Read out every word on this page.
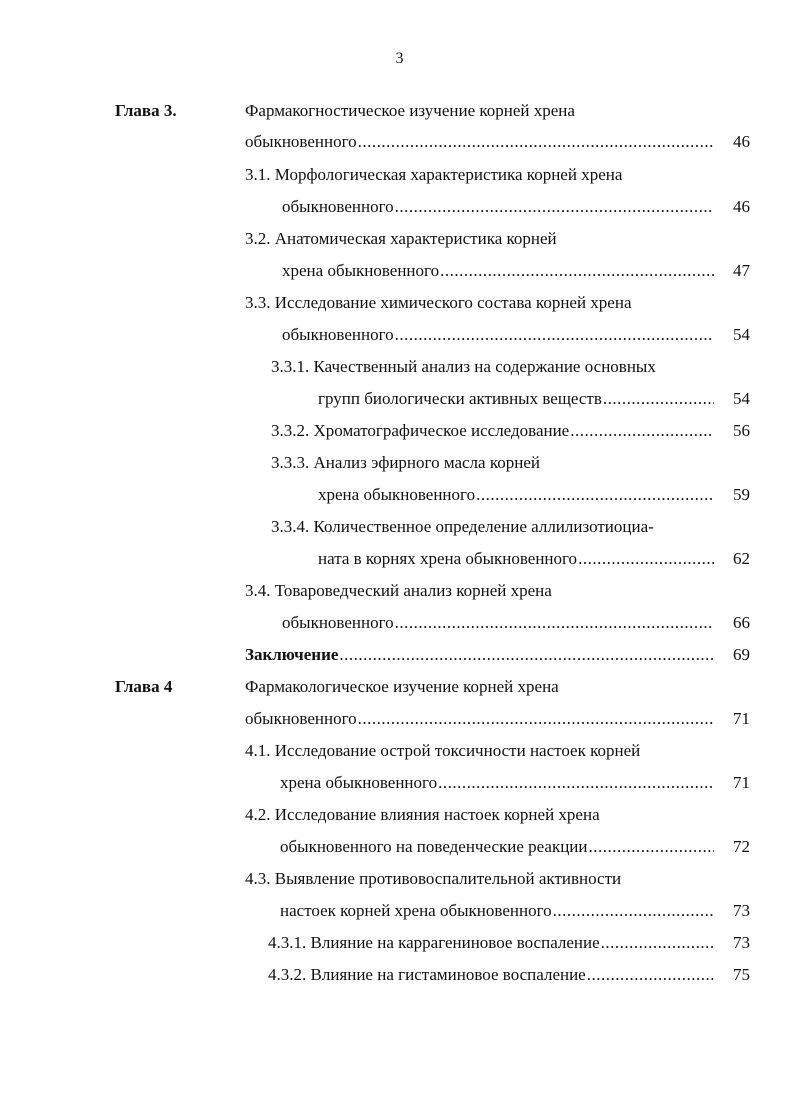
3
Глава 3.	Фармакогностическое изучение корней хрена
обыкновенного .....	46
3.1. Морфологическая характеристика корней хрена
обыкновенного .....	46
3.2. Анатомическая характеристика корней
хрена обыкновенного .....	47
3.3. Исследование химического состава корней хрена
обыкновенного .....	54
3.3.1. Качественный анализ на содержание основных
групп биологически активных веществ .....	54
3.3.2. Хроматографическое исследование .....	56
3.3.3. Анализ эфирного масла корней
хрена обыкновенного .....	59
3.3.4. Количественное определение аллилизотиоциа-
ната в корнях хрена обыкновенного .....	62
3.4. Товароведческий анализ корней хрена
обыкновенного .....	66
Заключение .....	69
Глава 4	Фармакологическое изучение корней хрена
обыкновенного .....	71
4.1. Исследование острой токсичности настоек корней
хрена обыкновенного .....	71
4.2. Исследование влияния настоек корней хрена
обыкновенного на поведенческие реакции .....	72
4.3. Выявление противовоспалительной активности
настоек корней хрена обыкновенного .....	73
4.3.1. Влияние на каррагениновое воспаление .....	73
4.3.2. Влияние на гистаминовое воспаление .....	75
